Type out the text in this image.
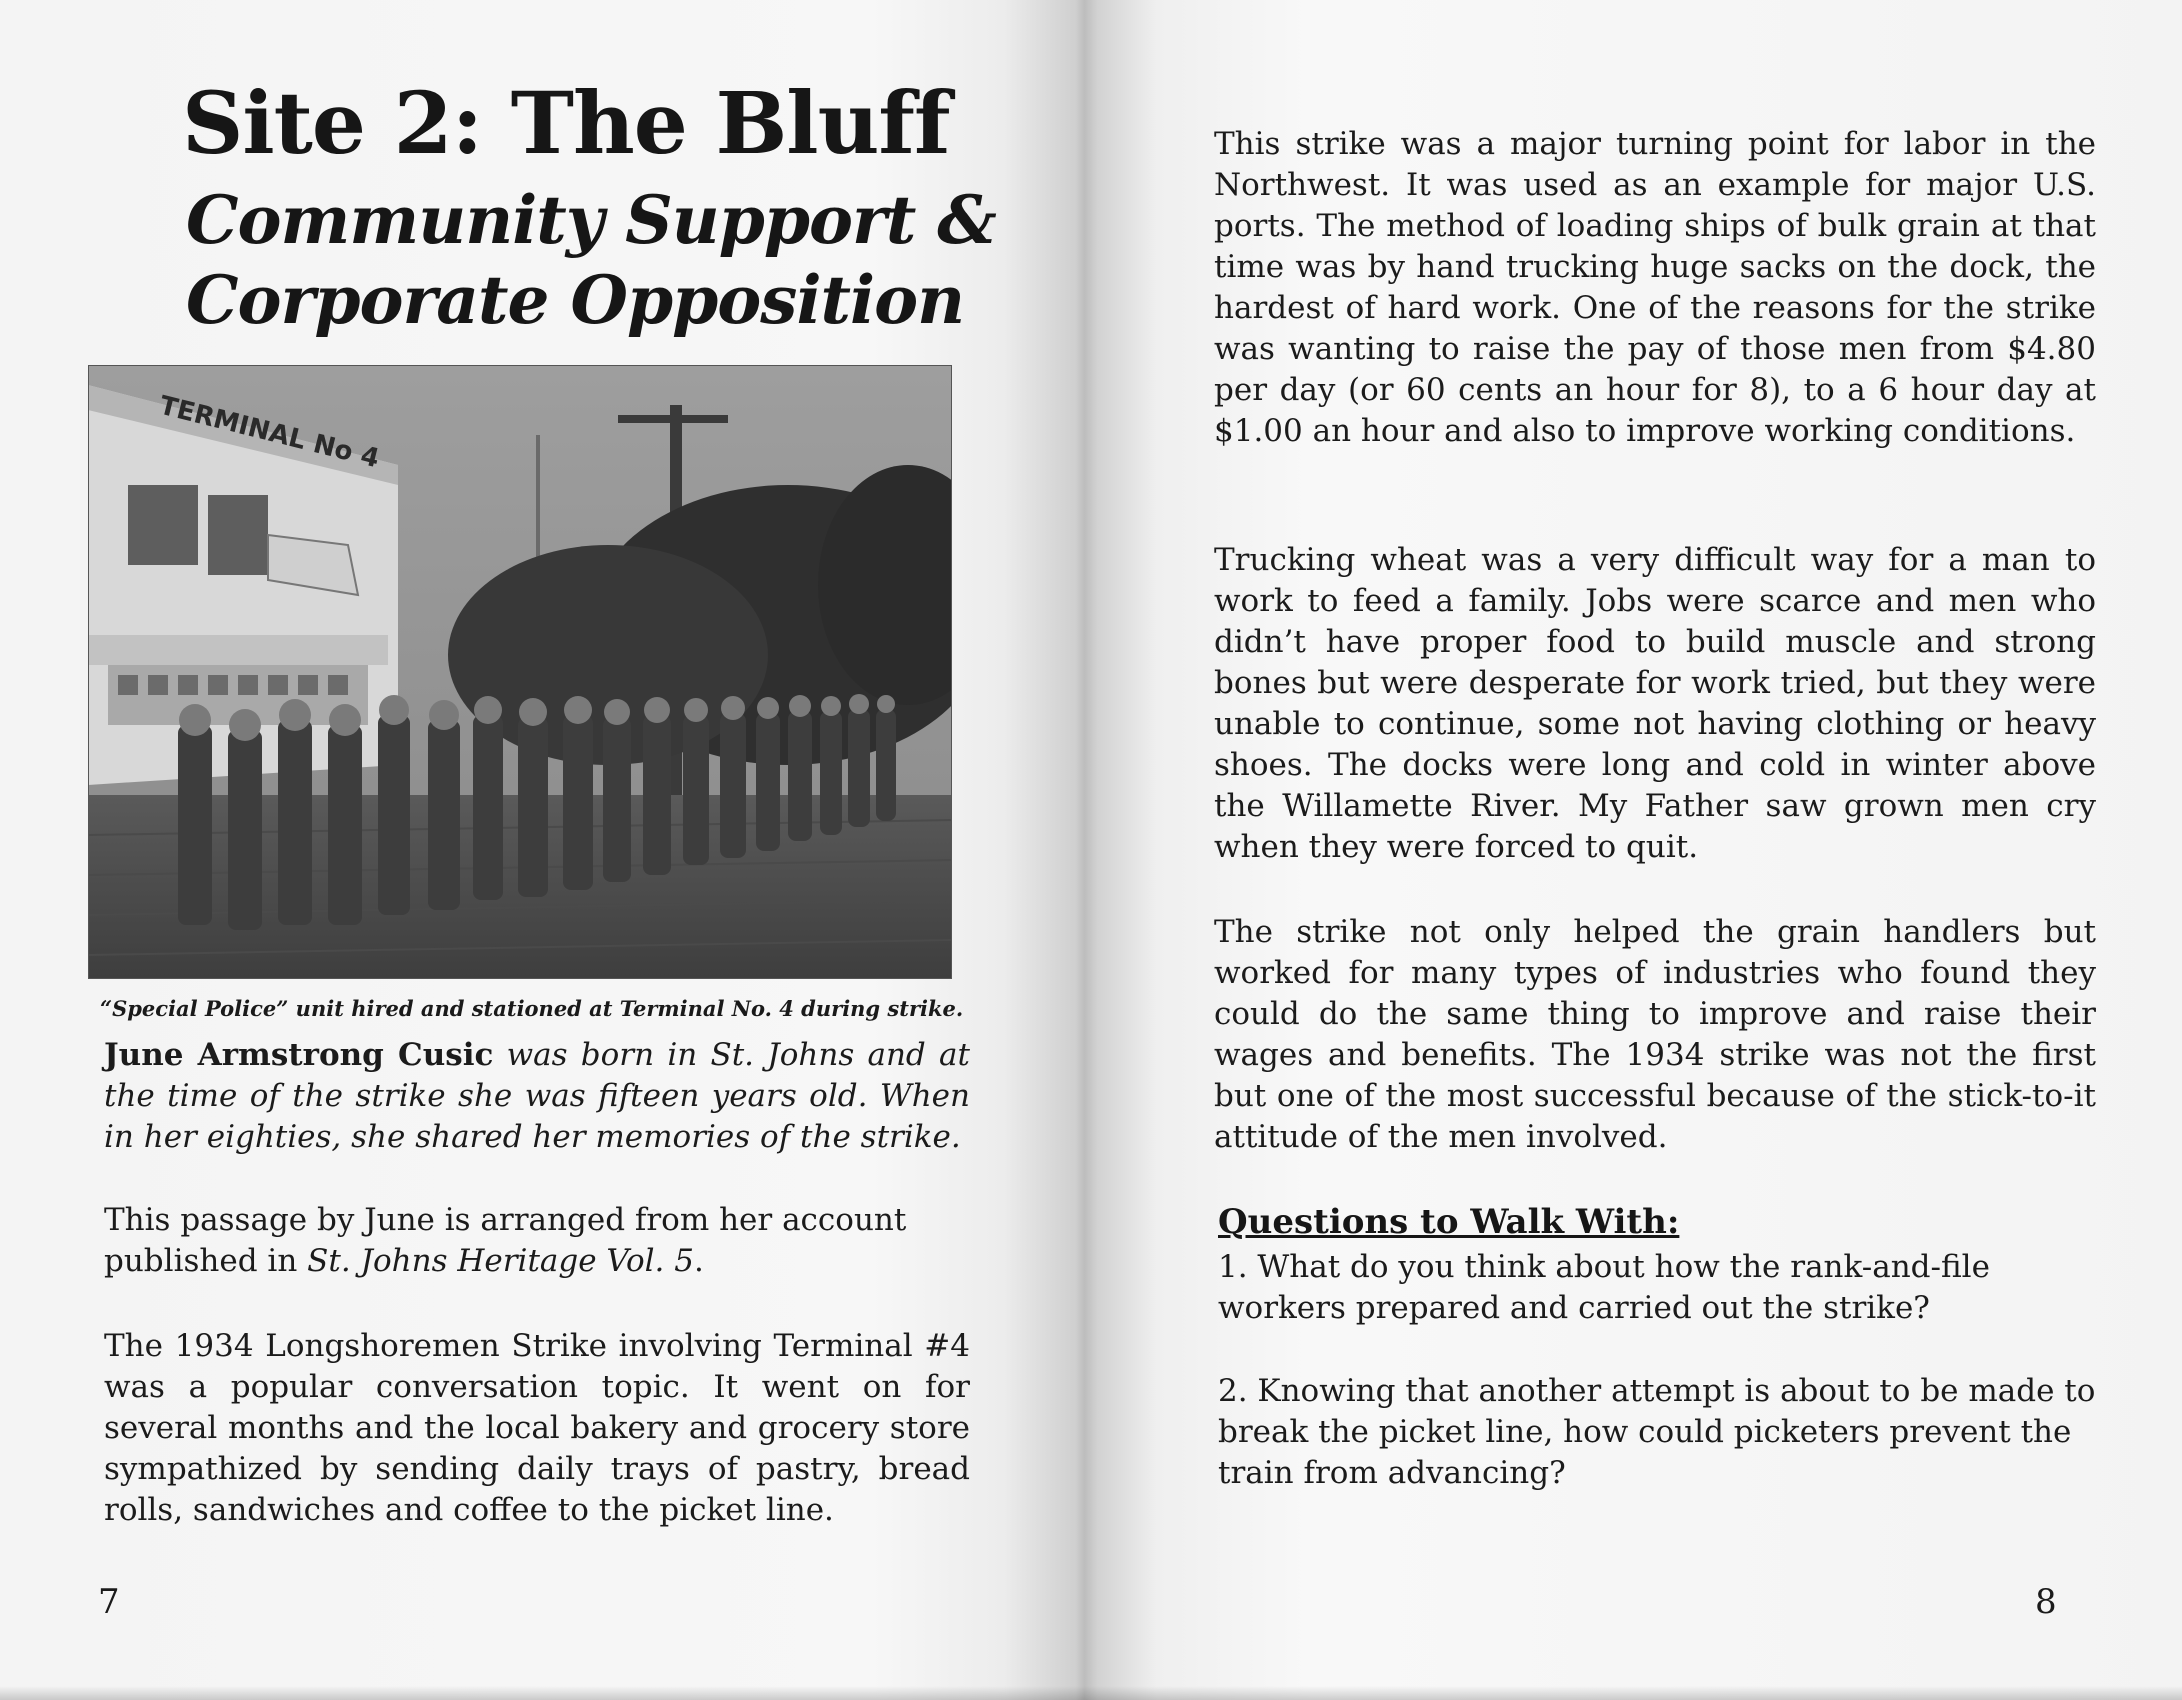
Site 2: The Bluff
Community Support &
Corporate Opposition
TERMINAL No 4
“Special Police” unit hired and stationed at Terminal No. 4 during strike.

June Armstrong Cusic was born in St. Johns and at the time of the strike she was fifteen years old. When in her eighties, she shared her memories of the strike.

This passage by June is arranged from her account published in St. Johns Heritage Vol. 5.

The 1934 Longshoremen Strike involving Terminal #4 was a popular conversation topic. It went on for several months and the local bakery and grocery store sympathized by sending daily trays of pastry, bread rolls, sandwiches and coffee to the picket line.

7

This strike was a major turning point for labor in the Northwest. It was used as an example for major U.S. ports. The method of loading ships of bulk grain at that time was by hand trucking huge sacks on the dock, the hardest of hard work. One of the reasons for the strike was wanting to raise the pay of those men from $4.80 per day (or 60 cents an hour for 8), to a 6 hour day at $1.00 an hour and also to improve working conditions.

Trucking wheat was a very difficult way for a man to work to feed a family. Jobs were scarce and men who didn’t have proper food to build muscle and strong bones but were desperate for work tried, but they were unable to continue, some not having clothing or heavy shoes. The docks were long and cold in winter above the Willamette River. My Father saw grown men cry when they were forced to quit.

The strike not only helped the grain handlers but worked for many types of industries who found they could do the same thing to improve and raise their wages and benefits. The 1934 strike was not the first but one of the most successful because of the stick-to-it attitude of the men involved.

Questions to Walk With:

1. What do you think about how the rank-and-file workers prepared and carried out the strike?

2. Knowing that another attempt is about to be made to break the picket line, how could picketers prevent the train from advancing?

8
